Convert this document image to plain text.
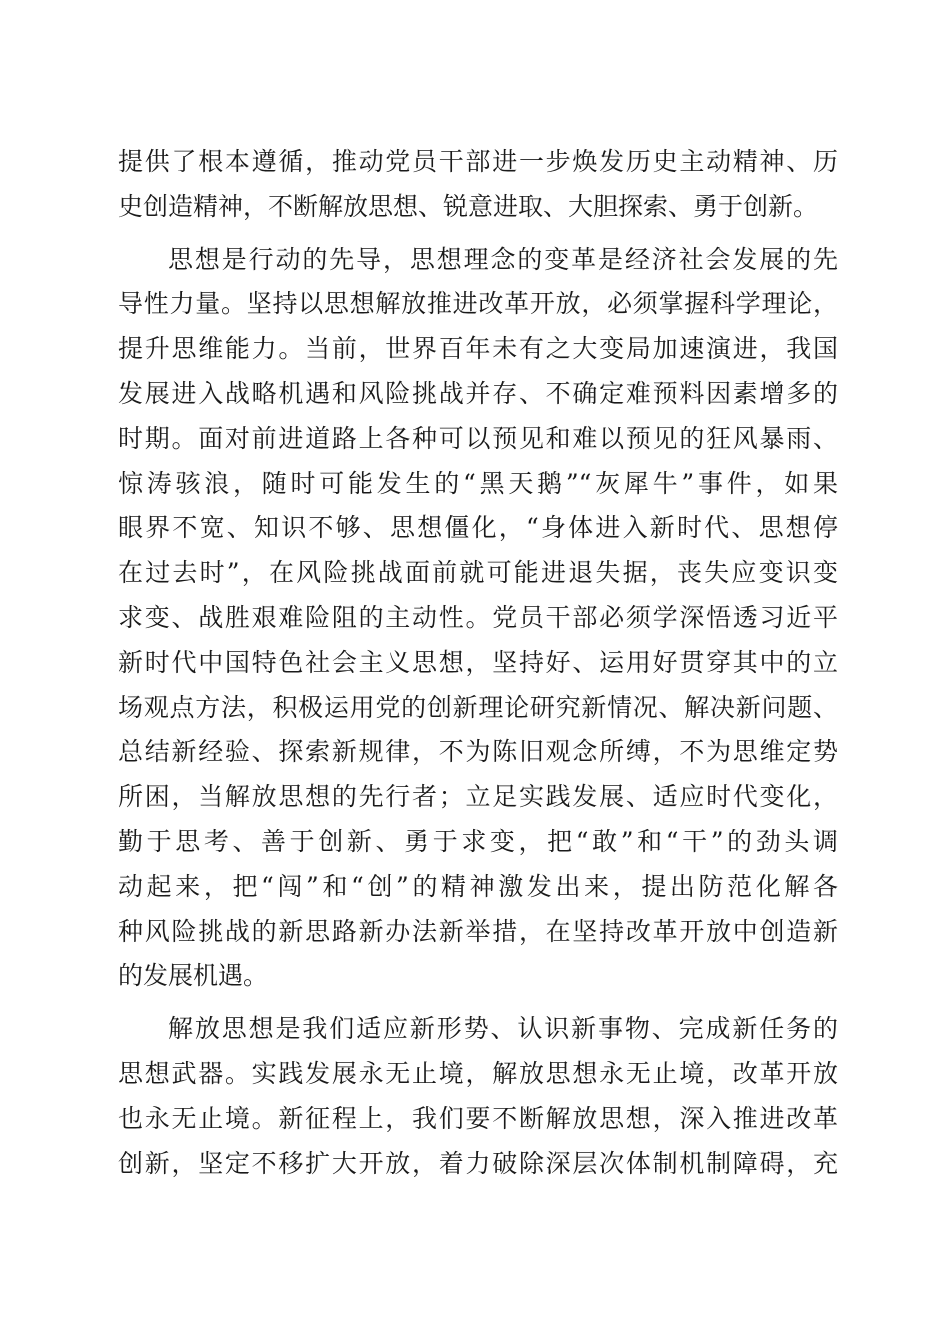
提供了根本遵循，推动党员干部进一步焕发历史主动精神、历
史创造精神，不断解放思想、锐意进取、大胆探索、勇于创新。
思想是行动的先导，思想理念的变革是经济社会发展的先
导性力量。坚持以思想解放推进改革开放，必须掌握科学理论，
提升思维能力。当前，世界百年未有之大变局加速演进，我国
发展进入战略机遇和风险挑战并存、不确定难预料因素增多的
时期。面对前进道路上各种可以预见和难以预见的狂风暴雨、
惊涛骇浪，随时可能发生的“黑天鹅”“灰犀牛”事件，如果
眼界不宽、知识不够、思想僵化，“身体进入新时代、思想停
在过去时”，在风险挑战面前就可能进退失据，丧失应变识变
求变、战胜艰难险阻的主动性。党员干部必须学深悟透习近平
新时代中国特色社会主义思想，坚持好、运用好贯穿其中的立
场观点方法，积极运用党的创新理论研究新情况、解决新问题、
总结新经验、探索新规律，不为陈旧观念所缚，不为思维定势
所困，当解放思想的先行者；立足实践发展、适应时代变化，
勤于思考、善于创新、勇于求变，把“敢”和“干”的劲头调
动起来，把“闯”和“创”的精神激发出来，提出防范化解各
种风险挑战的新思路新办法新举措，在坚持改革开放中创造新
的发展机遇。
解放思想是我们适应新形势、认识新事物、完成新任务的
思想武器。实践发展永无止境，解放思想永无止境，改革开放
也永无止境。新征程上，我们要不断解放思想，深入推进改革
创新，坚定不移扩大开放，着力破除深层次体制机制障碍，充
